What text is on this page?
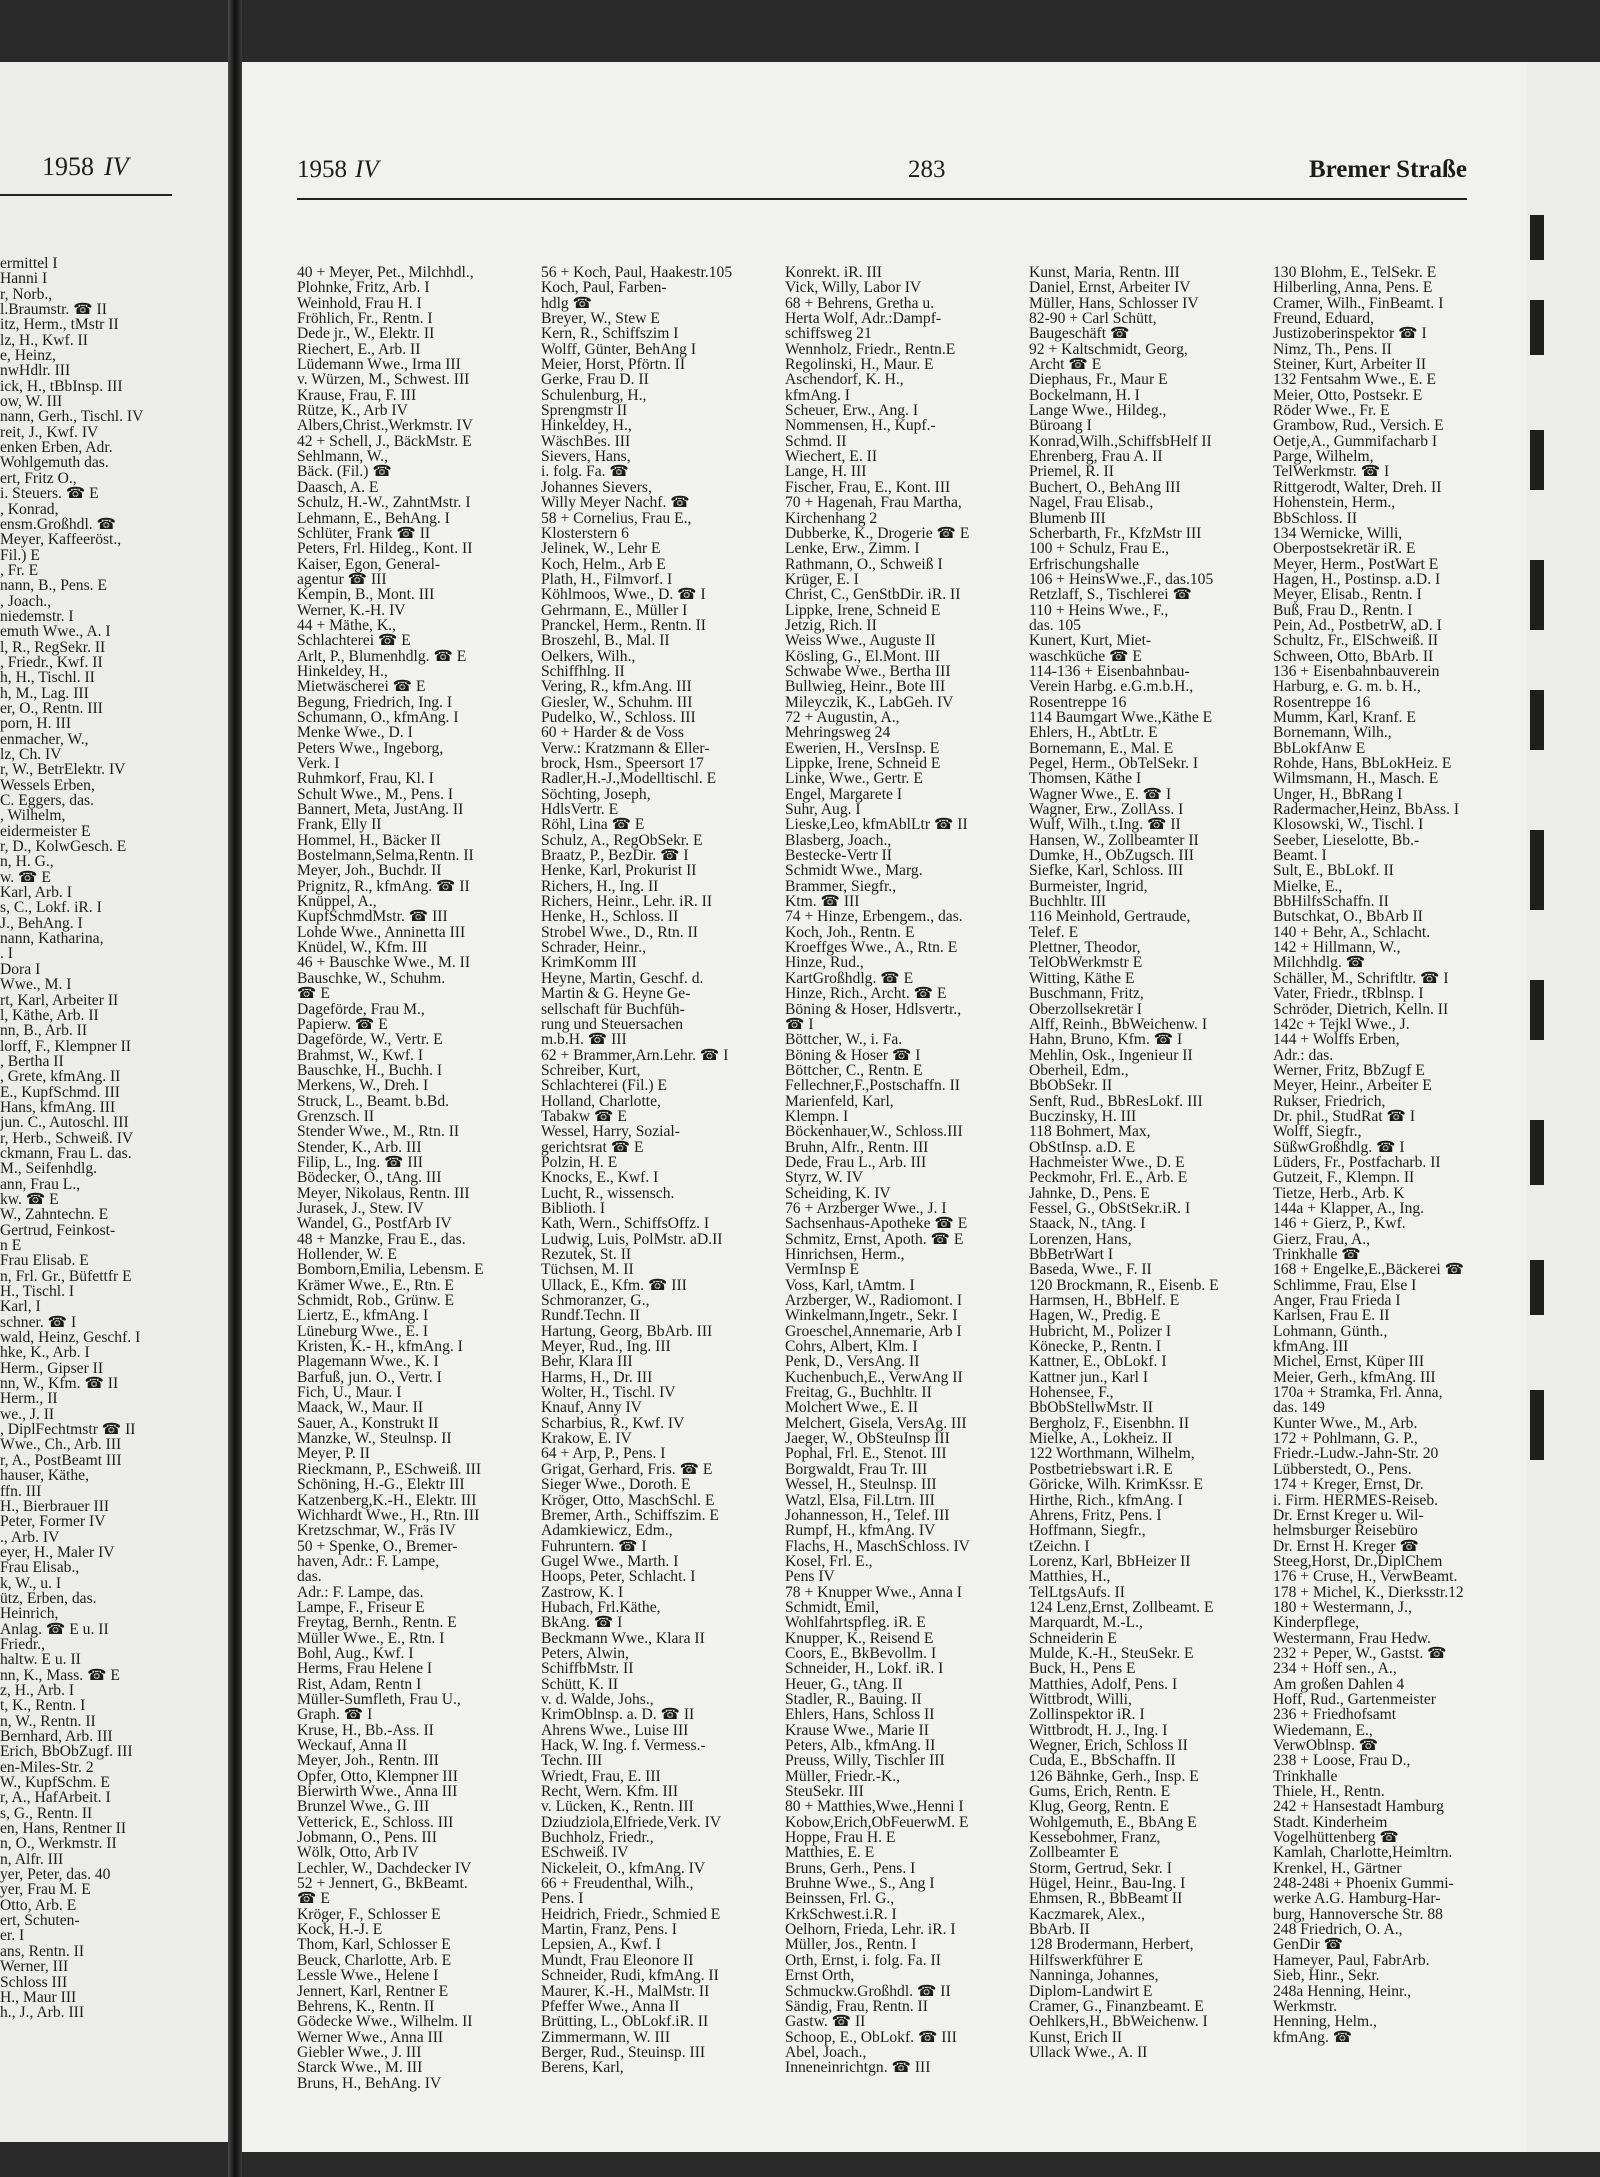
1958 IV
ermittel I
Hanni I
r, Norb.,
l.Braumstr. ☎ II
itz, Herm., tMstr II
lz, H., Kwf. II
e, Heinz,
nwHdlr. III
ick, H., tBbInsp. III
ow, W. III
nann, Gerh., Tischl. IV
reit, J., Kwf. IV
enken Erben, Adr.
Wohlgemuth das.
ert, Fritz O.,
i. Steuers. ☎ E
, Konrad,
ensm.Großhdl. ☎
Meyer, Kaffeeröst.,
Fil.) E
, Fr. E
nann, B., Pens. E
, Joach.,
niedemstr. I
emuth Wwe., A. I
l, R., RegSekr. II
, Friedr., Kwf. II
h, H., Tischl. II
h, M., Lag. III
er, O., Rentn. III
porn, H. III
enmacher, W.,
lz, Ch. IV
r, W., BetrElektr. IV
Wessels Erben,
C. Eggers, das.
, Wilhelm,
eidermeister E
r, D., KolwGesch. E
n, H. G.,
w. ☎ E
Karl, Arb. I
s, C., Lokf. iR. I
J., BehAng. I
nann, Katharina,
. I
Dora I
Wwe., M. I
rt, Karl, Arbeiter II
l, Käthe, Arb. II
nn, B., Arb. II
lorff, F., Klempner II
, Bertha II
, Grete, kfmAng. II
E., KupfSchmd. III
Hans, kfmAng. III
jun. C., Autoschl. III
r, Herb., Schweiß. IV
ckmann, Frau L. das.
M., Seifenhdlg.
ann, Frau L.,
kw. ☎ E
W., Zahntechn. E
Gertrud, Feinkost-
n E
Frau Elisab. E
n, Frl. Gr., Büfettfr E
H., Tischl. I
Karl, I
schner. ☎ I
wald, Heinz, Geschf. I
hke, K., Arb. I
Herm., Gipser II
nn, W., Kfm. ☎ II
Herm., II
we., J. II
, DiplFechtmstr ☎ II
Wwe., Ch., Arb. III
r, A., PostBeamt III
hauser, Käthe,
ffn. III
H., Bierbrauer III
Peter, Former IV
., Arb. IV
eyer, H., Maler IV
Frau Elisab.,
k, W., u. I
ütz, Erben, das.
Heinrich,
Anlag. ☎ E u. II
Friedr.,
haltw. E u. II
nn, K., Mass. ☎ E
z, H., Arb. I
t, K., Rentn. I
n, W., Rentn. II
Bernhard, Arb. III
Erich, BbObZugf. III
en-Miles-Str. 2
W., KupfSchm. E
r, A., HafArbeit. I
s, G., Rentn. II
en, Hans, Rentner II
n, O., Werkmstr. II
n, Alfr. III
yer, Peter, das. 40
yer, Frau M. E
Otto, Arb. E
ert, Schuten-
er. I
ans, Rentn. II
Werner, III
Schloss III
H., Maur III
h., J., Arb. III
1958 IV	283	Bremer Straße
40 + Meyer, Pet., Milchhdl.,
Plohnke, Fritz, Arb. I
Weinhold, Frau H. I
Fröhlich, Fr., Rentn. I
Dede jr., W., Elektr. II
Riechert, E., Arb. II
Lüdemann Wwe., Irma III
v. Würzen, M., Schwest. III
Krause, Frau, F. III
Rütze, K., Arb IV
Albers,Christ.,Werkmstr. IV
42 + Schell, J., BäckMstr. E
Sehlmann, W.,
Bäck. (Fil.) ☎
Daasch, A. E
Schulz, H.-W., ZahntMstr. I
Lehmann, E., BehAng. I
Schlüter, Frank ☎ II
Peters, Frl. Hildeg., Kont. II
Kaiser, Egon, General-
agentur ☎ III
Kempin, B., Mont. III
Werner, K.-H. IV
44 + Mäthe, K.,
Schlachterei ☎ E
Arlt, P., Blumenhdlg. ☎ E
Hinkeldey, H.,
Mietwäscherei ☎ E
Begung, Friedrich, Ing. I
Schumann, O., kfmAng. I
Menke Wwe., D. I
Peters Wwe., Ingeborg,
Verk. I
Ruhmkorf, Frau, Kl. I
Schult Wwe., M., Pens. I
Bannert, Meta, JustAng. II
Frank, Elly II
Hommel, H., Bäcker II
Bostelmann,Selma,Rentn. II
Meyer, Joh., Buchdr. II
Prignitz, R., kfmAng. ☎ II
Knüppel, A.,
KupfSchmdMstr. ☎ III
Lohde Wwe., Anninetta III
Knüdel, W., Kfm. III
46 + Bauschke Wwe., M. II
Bauschke, W., Schuhm.
☎ E
Dageförde, Frau M.,
Papierw. ☎ E
Dageförde, W., Vertr. E
Brahmst, W., Kwf. I
Bauschke, H., Buchh. I
Merkens, W., Dreh. I
Struck, L., Beamt. b.Bd.
Grenzsch. II
Stender Wwe., M., Rtn. II
Stender, K., Arb. III
Filip, L., Ing. ☎ III
Bödecker, O., tAng. III
Meyer, Nikolaus, Rentn. III
Jurasek, J., Stew. IV
Wandel, G., PostfArb IV
48 + Manzke, Frau E., das.
Hollender, W. E
Bomborn,Emilia, Lebensm. E
Krämer Wwe., E., Rtn. E
Schmidt, Rob., Grünw. E
Liertz, E., kfmAng. I
Lüneburg Wwe., E. I
Kristen, K.- H., kfmAng. I
Plagemann Wwe., K. I
Barfuß, jun. O., Vertr. I
Fich, U., Maur. I
Maack, W., Maur. II
Sauer, A., Konstrukt II
Manzke, W., Steulnsp. II
Meyer, P. II
Rieckmann, P., ESchweiß. III
Schöning, H.-G., Elektr III
Katzenberg,K.-H., Elektr. III
Wichhardt Wwe., H., Rtn. III
Kretzschmar, W., Fräs IV
50 + Spenke, O., Bremer-
haven, Adr.: F. Lampe,
das.
Adr.: F. Lampe, das.
Lampe, F., Friseur E
Freytag, Bernh., Rentn. E
Müller Wwe., E., Rtn. I
Bohl, Aug., Kwf. I
Herms, Frau Helene I
Rist, Adam, Rentn I
Müller-Sumfleth, Frau U.,
Graph. ☎ I
Kruse, H., Bb.-Ass. II
Weckauf, Anna II
Meyer, Joh., Rentn. III
Opfer, Otto, Klempner III
Bierwirth Wwe., Anna III
Brunzel Wwe., G. III
Vetterick, E., Schloss. III
Jobmann, O., Pens. III
Wölk, Otto, Arb IV
Lechler, W., Dachdecker IV
52 + Jennert, G., BkBeamt.
☎ E
Kröger, F., Schlosser E
Kock, H.-J. E
Thom, Karl, Schlosser E
Beuck, Charlotte, Arb. E
Lessle Wwe., Helene I
Jennert, Karl, Rentner E
Behrens, K., Rentn. II
Gödecke Wwe., Wilhelm. II
Werner Wwe., Anna III
Giebler Wwe., J. III
Starck Wwe., M. III
Bruns, H., BehAng. IV
56 + Koch, Paul, Haakestr.105
Koch, Paul, Farben-
hdlg ☎
Breyer, W., Stew E
Kern, R., Schiffszim I
Wolff, Günter, BehAng I
Meier, Horst, Pförtn. II
Gerke, Frau D. II
Schulenburg, H.,
Sprengmstr II
Hinkeldey, H.,
WäschBes. III
Sievers, Hans,
i. folg. Fa. ☎
Johannes Sievers,
Willy Meyer Nachf. ☎
58 + Cornelius, Frau E.,
Klosterstern 6
Jelinek, W., Lehr E
Koch, Helm., Arb E
Plath, H., Filmvorf. I
Köhlmoos, Wwe., D. ☎ I
Gehrmann, E., Müller I
Pranckel, Herm., Rentn. II
Broszehl, B., Mal. II
Oelkers, Wilh.,
Schiffhlng. II
Vering, R., kfm.Ang. III
Giesler, W., Schuhm. III
Pudelko, W., Schloss. III
60 + Harder & de Voss
Verw.: Kratzmann & Eller-
brock, Hsm., Speersort 17
Radler,H.-J.,Modelltischl. E
Söchting, Joseph,
HdlsVertr. E
Röhl, Lina ☎ E
Schulz, A., RegObSekr. E
Braatz, P., BezDir. ☎ I
Henke, Karl, Prokurist II
Richers, H., Ing. II
Richers, Heinr., Lehr. iR. II
Henke, H., Schloss. II
Strobel Wwe., D., Rtn. II
Schrader, Heinr.,
KrimKomm III
Heyne, Martin, Geschf. d.
Martin & G. Heyne Ge-
sellschaft für Buchfüh-
rung und Steuersachen
m.b.H. ☎ III
62 + Brammer,Arn.Lehr. ☎ I
Schreiber, Kurt,
Schlachterei (Fil.) E
Holland, Charlotte,
Tabakw ☎ E
Wessel, Harry, Sozial-
gerichtsrat ☎ E
Polzin, H. E
Knocks, E., Kwf. I
Lucht, R., wissensch.
Biblioth. I
Kath, Wern., SchiffsOffz. I
Ludwig, Luis, PolMstr. aD.II
Rezutek, St. II
Tüchsen, M. II
Ullack, E., Kfm. ☎ III
Schmoranzer, G.,
Rundf.Techn. II
Hartung, Georg, BbArb. III
Meyer, Rud., Ing. III
Behr, Klara III
Harms, H., Dr. III
Wolter, H., Tischl. IV
Knauf, Anny IV
Scharbius, R., Kwf. IV
Krakow, E. IV
64 + Arp, P., Pens. I
Grigat, Gerhard, Fris. ☎ E
Sieger Wwe., Doroth. E
Kröger, Otto, MaschSchl. E
Bremer, Arth., Schiffszim. E
Adamkiewicz, Edm.,
Fuhruntern. ☎ I
Gugel Wwe., Marth. I
Hoops, Peter, Schlacht. I
Zastrow, K. I
Hubach, Frl.Käthe,
BkAng. ☎ I
Beckmann Wwe., Klara II
Peters, Alwin,
SchiffbMstr. II
Schütt, K. II
v. d. Walde, Johs.,
KrimOblnsp. a. D. ☎ II
Ahrens Wwe., Luise III
Hack, W. Ing. f. Vermess.-
Techn. III
Wriedt, Frau, E. III
Recht, Wern. Kfm. III
v. Lücken, K., Rentn. III
Dziudziola,Elfriede,Verk. IV
Buchholz, Friedr.,
ESchweiß. IV
Nickeleit, O., kfmAng. IV
66 + Freudenthal, Wilh.,
Pens. I
Heidrich, Friedr., Schmied E
Martin, Franz, Pens. I
Lepsien, A., Kwf. I
Mundt, Frau Eleonore II
Schneider, Rudi, kfmAng. II
Maurer, K.-H., MalMstr. II
Pfeffer Wwe., Anna II
Brütting, L., ObLokf.iR. II
Zimmermann, W. III
Berger, Rud., Steuinsp. III
Berens, Karl,
Konrekt. iR. III
Vick, Willy, Labor IV
68 + Behrens, Gretha u.
Herta Wolf, Adr.:Dampf-
schiffsweg 21
Wennholz, Friedr., Rentn.E
Regolinski, H., Maur. E
Aschendorf, K. H.,
kfmAng. I
Scheuer, Erw., Ang. I
Nommensen, H., Kupf.-
Schmd. II
Wiechert, E. II
Lange, H. III
Fischer, Frau, E., Kont. III
70 + Hagenah, Frau Martha,
Kirchenhang 2
Dubberke, K., Drogerie ☎ E
Lenke, Erw., Zimm. I
Rathmann, O., Schweiß I
Krüger, E. I
Christ, C., GenStbDir. iR. II
Lippke, Irene, Schneid E
Jetzig, Rich. II
Weiss Wwe., Auguste II
Kösling, G., El.Mont. III
Schwabe Wwe., Bertha III
Bullwieg, Heinr., Bote III
Mileyczik, K., LabGeh. IV
72 + Augustin, A.,
Mehringsweg 24
Ewerien, H., VersInsp. E
Lippke, Irene, Schneid E
Linke, Wwe., Gertr. E
Engel, Margarete I
Suhr, Aug. I
Lieske,Leo, kfmAblLtr ☎ II
Blasberg, Joach.,
Bestecke-Vertr II
Schmidt Wwe., Marg.
Brammer, Siegfr.,
Ktm. ☎ III
74 + Hinze, Erbengem., das.
Koch, Joh., Rentn. E
Kroeffges Wwe., A., Rtn. E
Hinze, Rud.,
KartGroßhdlg. ☎ E
Hinze, Rich., Archt. ☎ E
Böning & Hoser, Hdlsvertr.,
☎ I
Böttcher, W., i. Fa.
Böning & Hoser ☎ I
Böttcher, C., Rentn. E
Fellechner,F.,Postschaffn. II
Marienfeld, Karl,
Klempn. I
Böckenhauer,W., Schloss.III
Bruhn, Alfr., Rentn. III
Dede, Frau L., Arb. III
Styrz, W. IV
Scheiding, K. IV
76 + Arzberger Wwe., J. I
Sachsenhaus-Apotheke ☎ E
Schmitz, Ernst, Apoth. ☎ E
Hinrichsen, Herm.,
VermInsp E
Voss, Karl, tAmtm. I
Arzberger, W., Radiomont. I
Winkelmann,Ingetr., Sekr. I
Groeschel,Annemarie, Arb I
Cohrs, Albert, Klm. I
Penk, D., VersAng. II
Kuchenbuch,E., VerwAng II
Freitag, G., Buchhltr. II
Molchert Wwe., E. II
Melchert, Gisela, VersAg. III
Jaeger, W., ObSteuInsp III
Pophal, Frl. E., Stenot. III
Borgwaldt, Frau Tr. III
Wessel, H., Steulnsp. III
Watzl, Elsa, Fil.Ltrn. III
Johannesson, H., Telef. III
Rumpf, H., kfmAng. IV
Flachs, H., MaschSchloss. IV
Kosel, Frl. E.,
Pens IV
78 + Knupper Wwe., Anna I
Schmidt, Emil,
Wohlfahrtspfleg. iR. E
Knupper, K., Reisend E
Coors, E., BkBevollm. I
Schneider, H., Lokf. iR. I
Heuer, G., tAng. II
Stadler, R., Bauing. II
Ehlers, Hans, Schloss II
Krause Wwe., Marie II
Peters, Alb., kfmAng. II
Preuss, Willy, Tischler III
Müller, Friedr.-K.,
SteuSekr. III
80 + Matthies,Wwe.,Henni I
Kobow,Erich,ObFeuerwM. E
Hoppe, Frau H. E
Matthies, E. E
Bruns, Gerh., Pens. I
Bruhne Wwe., S., Ang I
Beinssen, Frl. G.,
KrkSchwest.i.R. I
Oelhorn, Frieda, Lehr. iR. I
Müller, Jos., Rentn. I
Orth, Ernst, i. folg. Fa. II
Ernst Orth,
Schmuckw.Großhdl. ☎ II
Sändig, Frau, Rentn. II
Gastw. ☎ II
Schoop, E., ObLokf. ☎ III
Abel, Joach.,
Inneneinrichtgn. ☎ III
Kunst, Maria, Rentn. III
Daniel, Ernst, Arbeiter IV
Müller, Hans, Schlosser IV
82-90 + Carl Schütt,
Baugeschäft ☎
92 + Kaltschmidt, Georg,
Archt ☎ E
Diephaus, Fr., Maur E
Bockelmann, H. I
Lange Wwe., Hildeg.,
Büroang I
Konrad,Wilh.,SchiffsbHelf II
Ehrenberg, Frau A. II
Priemel, R. II
Buchert, O., BehAng III
Nagel, Frau Elisab.,
Blumenb III
Scherbarth, Fr., KfzMstr III
100 + Schulz, Frau E.,
Erfrischungshalle
106 + HeinsWwe.,F., das.105
Retzlaff, S., Tischlerei ☎
110 + Heins Wwe., F.,
das. 105
Kunert, Kurt, Miet-
waschküche ☎ E
114-136 + Eisenbahnbau-
Verein Harbg. e.G.m.b.H.,
Rosentreppe 16
114 Baumgart Wwe.,Käthe E
Ehlers, H., AbtLtr. E
Bornemann, E., Mal. E
Pegel, Herm., ObTelSekr. I
Thomsen, Käthe I
Wagner Wwe., E. ☎ I
Wagner, Erw., ZollAss. I
Wulf, Wilh., t.Ing. ☎ II
Hansen, W., Zollbeamter II
Dumke, H., ObZugsch. III
Siefke, Karl, Schloss. III
Burmeister, Ingrid,
Buchhltr. III
116 Meinhold, Gertraude,
Telef. E
Plettner, Theodor,
TelObWerkmstr E
Witting, Käthe E
Buschmann, Fritz,
Oberzollsekretär I
Alff, Reinh., BbWeichenw. I
Hahn, Bruno, Kfm. ☎ I
Mehlin, Osk., Ingenieur II
Oberheil, Edm.,
BbObSekr. II
Senft, Rud., BbResLokf. III
Buczinsky, H. III
118 Bohmert, Max,
ObStInsp. a.D. E
Hachmeister Wwe., D. E
Peckmohr, Frl. E., Arb. E
Jahnke, D., Pens. E
Fessel, G., ObStSekr.iR. I
Staack, N., tAng. I
Lorenzen, Hans,
BbBetrWart I
Baseda, Wwe., F. II
120 Brockmann, R., Eisenb. E
Harmsen, H., BbHelf. E
Hagen, W., Predig. E
Hubricht, M., Polizer I
Könecke, P., Rentn. I
Kattner, E., ObLokf. I
Kattner jun., Karl I
Hohensee, F.,
BbObStellwMstr. II
Bergholz, F., Eisenbhn. II
Mielke, A., Lokheiz. II
122 Worthmann, Wilhelm,
Postbetriebswart i.R. E
Göricke, Wilh. KrimKssr. E
Hirthe, Rich., kfmAng. I
Ahrens, Fritz, Pens. I
Hoffmann, Siegfr.,
tZeichn. I
Lorenz, Karl, BbHeizer II
Matthies, H.,
TelLtgsAufs. II
124 Lenz,Ernst, Zollbeamt. E
Marquardt, M.-L.,
Schneiderin E
Mulde, K.-H., SteuSekr. E
Buck, H., Pens E
Matthies, Adolf, Pens. I
Wittbrodt, Willi,
Zollinspektor iR. I
Wittbrodt, H. J., Ing. I
Wegner, Erich, Schloss II
Cuda, E., BbSchaffn. II
126 Bähnke, Gerh., Insp. E
Gums, Erich, Rentn. E
Klug, Georg, Rentn. E
Wohlgemuth, E., BbAng E
Kessebohmer, Franz,
Zollbeamter E
Storm, Gertrud, Sekr. I
Hügel, Heinr., Bau-Ing. I
Ehmsen, R., BbBeamt II
Kaczmarek, Alex.,
BbArb. II
128 Brodermann, Herbert,
Hilfswerkführer E
Nanninga, Johannes,
Diplom-Landwirt E
Cramer, G., Finanzbeamt. E
Oehlkers,H., BbWeichenw. I
Kunst, Erich II
Ullack Wwe., A. II
130 Blohm, E., TelSekr. E
Hilberling, Anna, Pens. E
Cramer, Wilh., FinBeamt. I
Freund, Eduard,
Justizoberinspektor ☎ I
Nimz, Th., Pens. II
Steiner, Kurt, Arbeiter II
132 Fentsahm Wwe., E. E
Meier, Otto, Postsekr. E
Röder Wwe., Fr. E
Grambow, Rud., Versich. E
Oetje,A., Gummifacharb I
Parge, Wilhelm,
TelWerkmstr. ☎ I
Rittgerodt, Walter, Dreh. II
Hohenstein, Herm.,
BbSchloss. II
134 Wernicke, Willi,
Oberpostsekretär iR. E
Meyer, Herm., PostWart E
Hagen, H., Postinsp. a.D. I
Meyer, Elisab., Rentn. I
Buß, Frau D., Rentn. I
Pein, Ad., PostbetrW, aD. I
Schultz, Fr., ElSchweiß. II
Schween, Otto, BbArb. II
136 + Eisenbahnbauverein
Harburg, e. G. m. b. H.,
Rosentreppe 16
Mumm, Karl, Kranf. E
Bornemann, Wilh.,
BbLokfAnw E
Rohde, Hans, BbLokHeiz. E
Wilmsmann, H., Masch. E
Unger, H., BbRang I
Radermacher,Heinz, BbAss. I
Klosowski, W., Tischl. I
Seeber, Lieselotte, Bb.-
Beamt. I
Sult, E., BbLokf. II
Mielke, E.,
BbHilfsSchaffn. II
Butschkat, O., BbArb II
140 + Behr, A., Schlacht.
142 + Hillmann, W.,
Milchhdlg. ☎
Schäller, M., Schriftltr. ☎ I
Vater, Friedr., tRblnsp. I
Schröder, Dietrich, Kelln. II
142c + Tejkl Wwe., J.
144 + Wolffs Erben,
Adr.: das.
Werner, Fritz, BbZugf E
Meyer, Heinr., Arbeiter E
Rukser, Friedrich,
Dr. phil., StudRat ☎ I
Wolff, Siegfr.,
SüßwGroßhdlg. ☎ I
Lüders, Fr., Postfacharb. II
Gutzeit, F., Klempn. II
Tietze, Herb., Arb. K
144a + Klapper, A., Ing.
146 + Gierz, P., Kwf.
Gierz, Frau, A.,
Trinkhalle ☎
168 + Engelke,E.,Bäckerei ☎
Schlimme, Frau, Else I
Anger, Frau Frieda I
Karlsen, Frau E. II
Lohmann, Günth.,
kfmAng. III
Michel, Ernst, Küper III
Meier, Gerh., kfmAng. III
170a + Stramka, Frl. Anna,
das. 149
Kunter Wwe., M., Arb.
172 + Pohlmann, G. P.,
Friedr.-Ludw.-Jahn-Str. 20
Lübberstedt, O., Pens.
174 + Kreger, Ernst, Dr.
i. Firm. HERMES-Reiseb.
Dr. Ernst Kreger u. Wil-
helmsburger Reisebüro
Dr. Ernst H. Kreger ☎
Steeg,Horst, Dr.,DiplChem
176 + Cruse, H., VerwBeamt.
178 + Michel, K., Dierksstr.12
180 + Westermann, J.,
Kinderpflege,
Westermann, Frau Hedw.
232 + Peper, W., Gastst. ☎
234 + Hoff sen., A.,
Am großen Dahlen 4
Hoff, Rud., Gartenmeister
236 + Friedhofsamt
Wiedemann, E.,
VerwOblnsp. ☎
238 + Loose, Frau D.,
Trinkhalle
Thiele, H., Rentn.
242 + Hansestadt Hamburg
Stadt. Kinderheim
Vogelhüttenberg ☎
Kamlah, Charlotte,Heimltrn.
Krenkel, H., Gärtner
248-248i + Phoenix Gummi-
werke A.G. Hamburg-Har-
burg, Hannoversche Str. 88
248 Friedrich, O. A.,
GenDir ☎
Hameyer, Paul, FabrArb.
Sieb, Hinr., Sekr.
248a Henning, Heinr.,
Werkmstr.
Henning, Helm.,
kfmAng. ☎
